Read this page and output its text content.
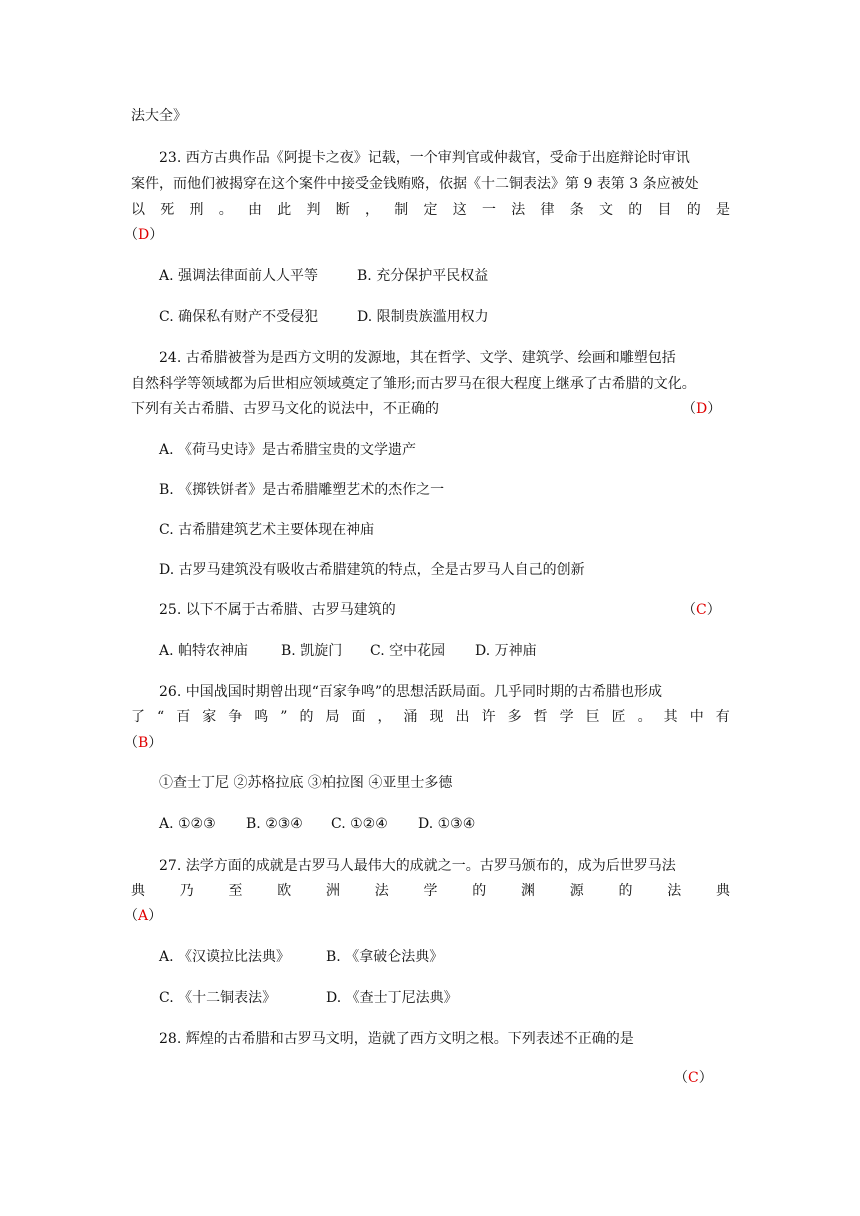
法大全》
23. 西方古典作品《阿提卡之夜》记载，一个审判官或仲裁官，受命于出庭辩论时审讯
案件，而他们被揭穿在这个案件中接受金钱贿赂，依据《十二铜表法》第 9 表第 3 条应被处
以 死 刑 。 由 此 判 断 ， 制 定 这 一 法 律 条 文 的 目 的 是
（D）
A. 强调法律面前人人平等	B. 充分保护平民权益
C. 确保私有财产不受侵犯	D. 限制贵族滥用权力
24. 古希腊被誉为是西方文明的发源地，其在哲学、文学、建筑学、绘画和雕塑包括
自然科学等领域都为后世相应领域奠定了雏形;而古罗马在很大程度上继承了古希腊的文化。
下列有关古希腊、古罗马文化的说法中，不正确的	（D）
A. 《荷马史诗》是古希腊宝贵的文学遗产
B. 《掷铁饼者》是古希腊雕塑艺术的杰作之一
C. 古希腊建筑艺术主要体现在神庙
D. 古罗马建筑没有吸收古希腊建筑的特点，全是古罗马人自己的创新
25. 以下不属于古希腊、古罗马建筑的	（C）
A. 帕特农神庙 B. 凯旋门 C. 空中花园 D. 万神庙
26. 中国战国时期曾出现“百家争鸣”的思想活跃局面。几乎同时期的古希腊也形成
了 “ 百 家 争 鸣 ” 的 局 面 ， 涌 现 出 许 多 哲 学 巨 匠 。 其 中 有
（B）
①查士丁尼 ②苏格拉底 ③柏拉图 ④亚里士多德
A. ①②③ B. ②③④ C. ①②④ D. ①③④
27. 法学方面的成就是古罗马人最伟大的成就之一。古罗马颁布的，成为后世罗马法
典 乃 至 欧 洲 法 学 的 渊 源 的 法 典
（A）
A. 《汉谟拉比法典》	B. 《拿破仑法典》
C. 《十二铜表法》	D. 《查士丁尼法典》
28. 辉煌的古希腊和古罗马文明，造就了西方文明之根。下列表述不正确的是
（C）
